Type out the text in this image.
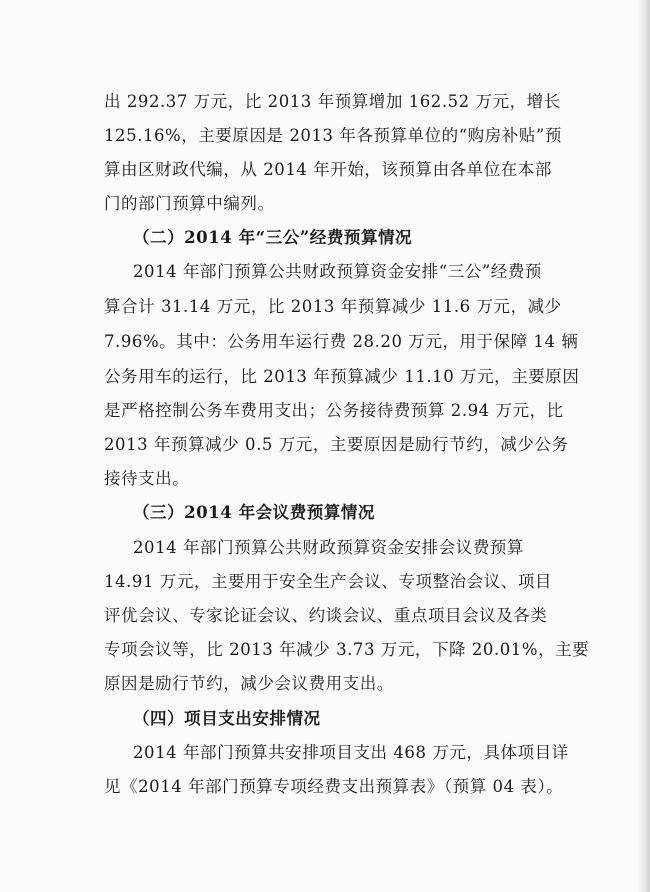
出 292.37 万元，比 2013 年预算增加 162.52 万元，增长
125.16%，主要原因是 2013 年各预算单位的“购房补贴”预
算由区财政代编，从 2014 年开始，该预算由各单位在本部
门的部门预算中编列。
（二）2014 年“三公”经费预算情况
2014 年部门预算公共财政预算资金安排“三公”经费预
算合计 31.14 万元，比 2013 年预算减少 11.6 万元，减少
7.96%。其中：公务用车运行费 28.20 万元，用于保障 14 辆
公务用车的运行，比 2013 年预算减少 11.10 万元，主要原因
是严格控制公务车费用支出；公务接待费预算 2.94 万元，比
2013 年预算减少 0.5 万元，主要原因是励行节约，减少公务
接待支出。
（三）2014 年会议费预算情况
2014 年部门预算公共财政预算资金安排会议费预算
14.91 万元，主要用于安全生产会议、专项整治会议、项目
评优会议、专家论证会议、约谈会议、重点项目会议及各类
专项会议等，比 2013 年减少 3.73 万元，下降 20.01%，主要
原因是励行节约，减少会议费用支出。
（四）项目支出安排情况
2014 年部门预算共安排项目支出 468 万元，具体项目详
见《2014 年部门预算专项经费支出预算表》（预算 04 表）。
